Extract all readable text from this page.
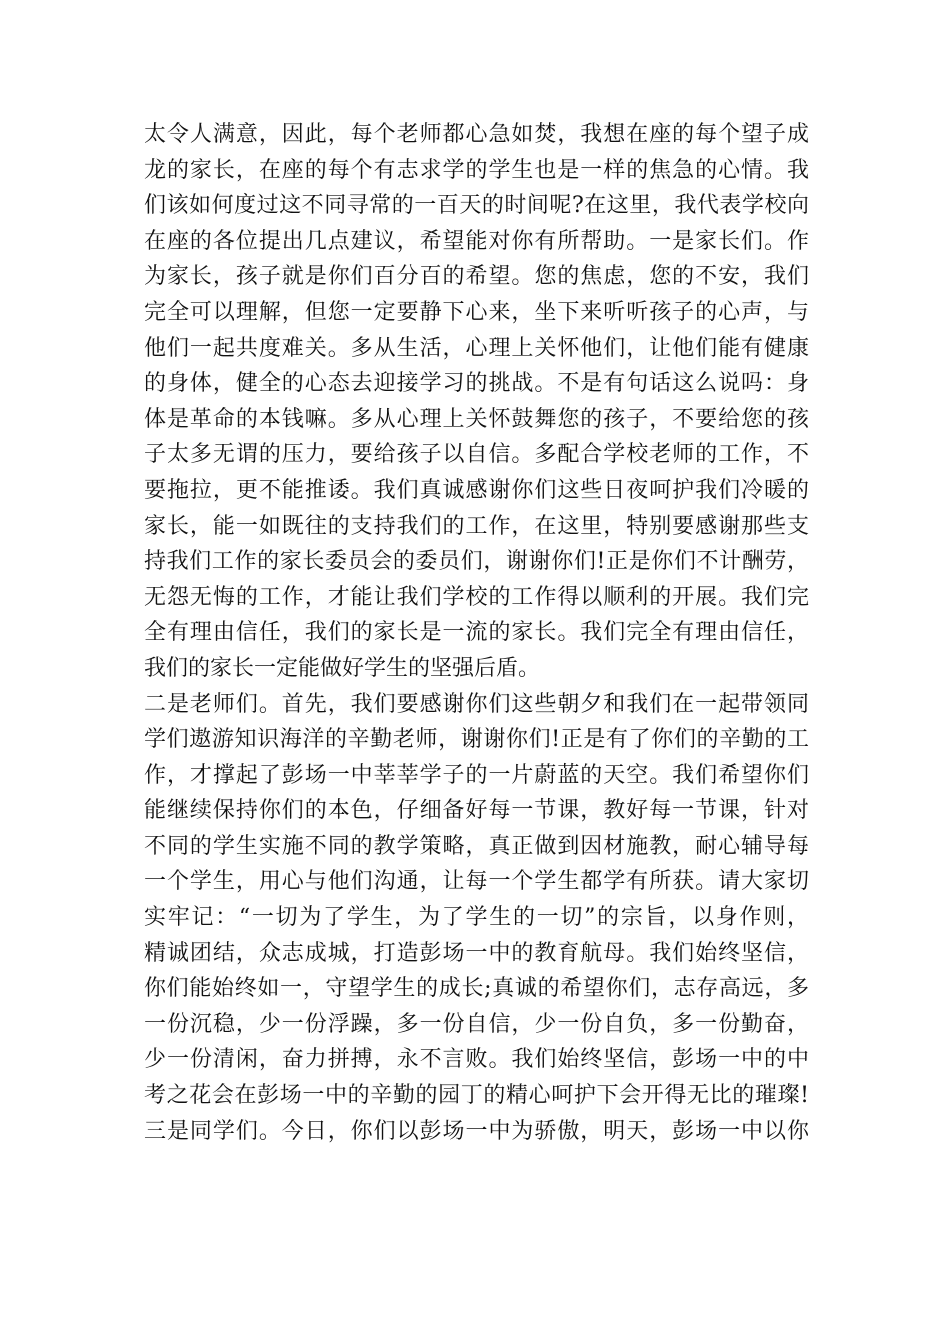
太令人满意，因此，每个老师都心急如焚，我想在座的每个望子成
龙的家长，在座的每个有志求学的学生也是一样的焦急的心情。我
们该如何度过这不同寻常的一百天的时间呢?在这里，我代表学校向
在座的各位提出几点建议，希望能对你有所帮助。一是家长们。作
为家长，孩子就是你们百分百的希望。您的焦虑，您的不安，我们
完全可以理解，但您一定要静下心来，坐下来听听孩子的心声，与
他们一起共度难关。多从生活，心理上关怀他们，让他们能有健康
的身体，健全的心态去迎接学习的挑战。不是有句话这么说吗：身
体是革命的本钱嘛。多从心理上关怀鼓舞您的孩子，不要给您的孩
子太多无谓的压力，要给孩子以自信。多配合学校老师的工作，不
要拖拉，更不能推诿。我们真诚感谢你们这些日夜呵护我们冷暖的
家长，能一如既往的支持我们的工作，在这里，特别要感谢那些支
持我们工作的家长委员会的委员们，谢谢你们!正是你们不计酬劳，
无怨无悔的工作，才能让我们学校的工作得以顺利的开展。我们完
全有理由信任，我们的家长是一流的家长。我们完全有理由信任，
我们的家长一定能做好学生的坚强后盾。
二是老师们。首先，我们要感谢你们这些朝夕和我们在一起带领同
学们遨游知识海洋的辛勤老师，谢谢你们!正是有了你们的辛勤的工
作，才撑起了彭场一中莘莘学子的一片蔚蓝的天空。我们希望你们
能继续保持你们的本色，仔细备好每一节课，教好每一节课，针对
不同的学生实施不同的教学策略，真正做到因材施教，耐心辅导每
一个学生，用心与他们沟通，让每一个学生都学有所获。请大家切
实牢记：“一切为了学生，为了学生的一切”的宗旨，以身作则，
精诚团结，众志成城，打造彭场一中的教育航母。我们始终坚信，
你们能始终如一，守望学生的成长;真诚的希望你们，志存高远，多
一份沉稳，少一份浮躁，多一份自信，少一份自负，多一份勤奋，
少一份清闲，奋力拼搏，永不言败。我们始终坚信，彭场一中的中
考之花会在彭场一中的辛勤的园丁的精心呵护下会开得无比的璀璨!
三是同学们。今日，你们以彭场一中为骄傲，明天，彭场一中以你
